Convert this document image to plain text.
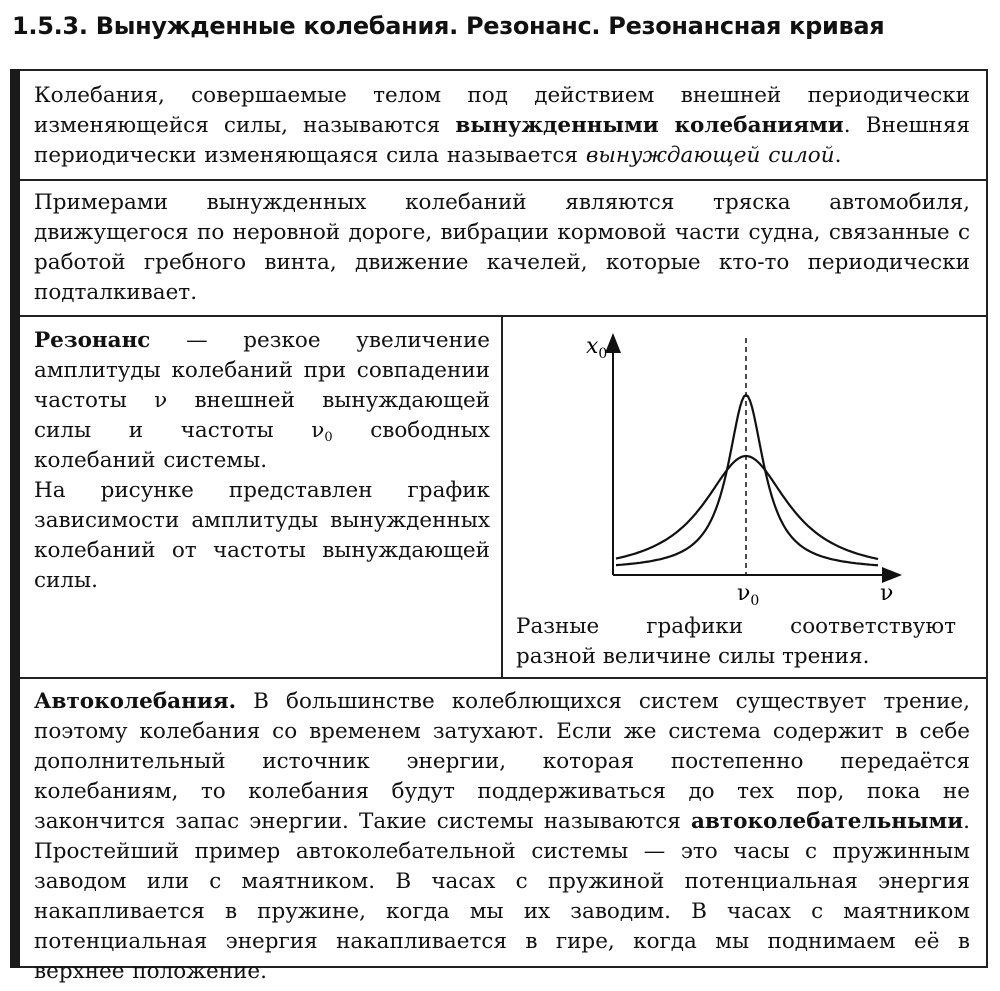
1.5.3. Вынужденные колебания. Резонанс. Резонансная кривая
Колебания, совершаемые телом под действием внешней периодически изменяющейся силы, называются вынужденными колебаниями. Внешняя периодически изменяющаяся сила называется вынуждающей силой.
Примерами вынужденных колебаний являются тряска автомобиля, движущегося по неровной дороге, вибрации кормовой части судна, связанные с работой гребного винта, движение качелей, которые кто-то периодически подталкивает.
Резонанс — резкое увеличение амплитуды колебаний при совпадении частоты ν внешней вынуждающей силы и частоты $\nu_0$ свободных колебаний системы.

На рисунке представлен график зависимости амплитуды вынужденных колебаний от частоты вынуждающей силы.
$x_0$
ν
$\nu_0$
Разные графики соответствуют разной величине силы трения.
Автоколебания. В большинстве колеблющихся систем существует трение, поэтому колебания со временем затухают. Если же система содержит в себе дополнительный источник энергии, которая постепенно передаётся колебаниям, то колебания будут поддерживаться до тех пор, пока не закончится запас энергии. Такие системы называются автоколебательными. Простейший пример автоколебательной системы — это часы с пружинным заводом или с маятником. В часах с пружиной потенциальная энергия накапливается в пружине, когда мы их заводим. В часах с маятником потенциальная энергия накапливается в гире, когда мы поднимаем её в верхнее положение.
